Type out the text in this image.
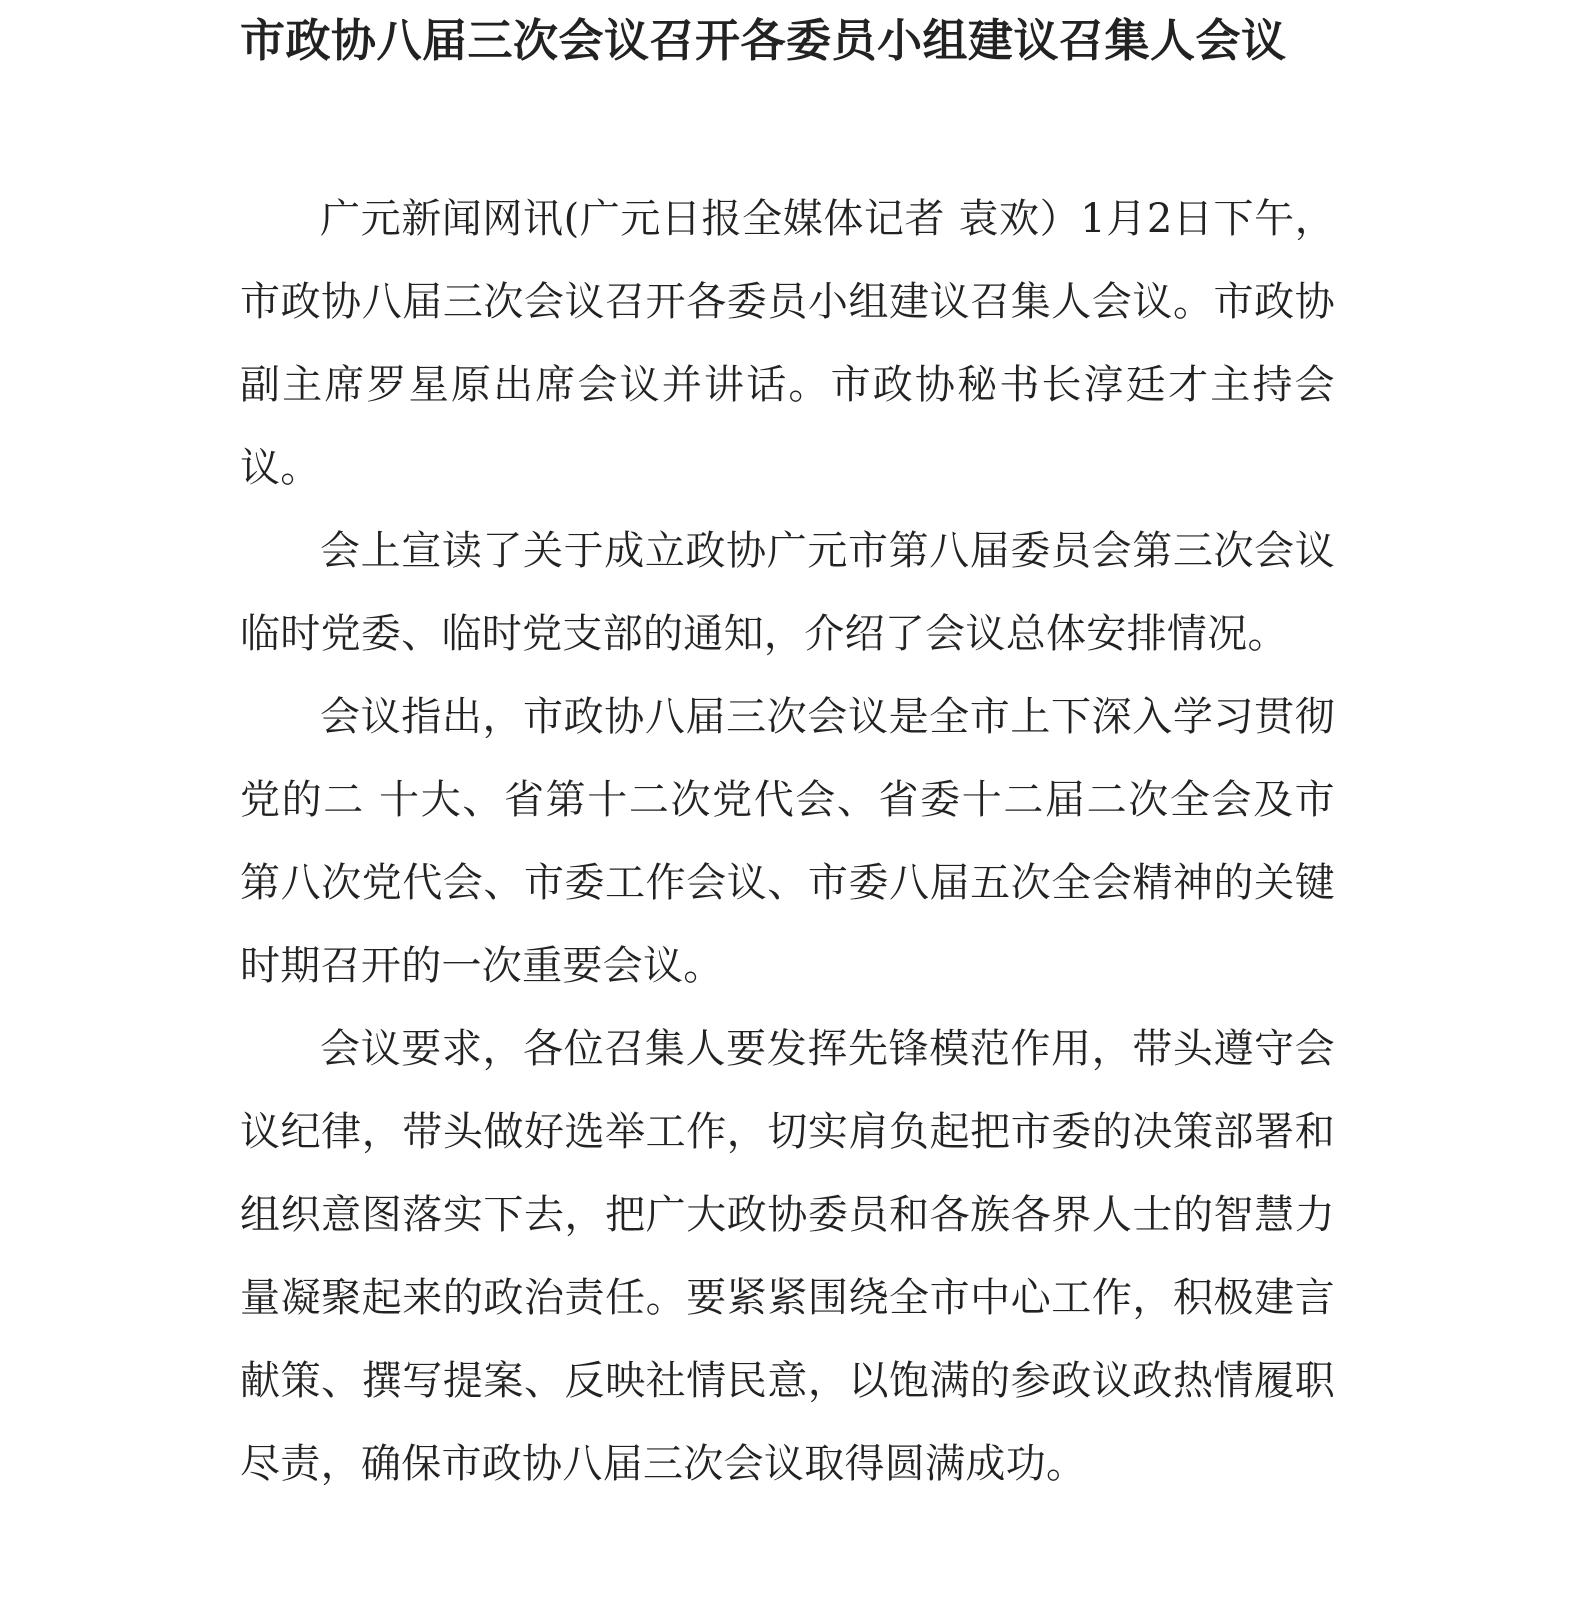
市政协八届三次会议召开各委员小组建议召集人会议

广元新闻网讯(广元日报全媒体记者 袁欢）1月2日下午，市政协八届三次会议召开各委员小组建议召集人会议。市政协副主席罗星原出席会议并讲话。市政协秘书长淳廷才主持会议。

会上宣读了关于成立政协广元市第八届委员会第三次会议临时党委、临时党支部的通知，介绍了会议总体安排情况。

会议指出，市政协八届三次会议是全市上下深入学习贯彻党的二 十大、省第十二次党代会、省委十二届二次全会及市第八次党代会、市委工作会议、市委八届五次全会精神的关键时期召开的一次重要会议。

会议要求，各位召集人要发挥先锋模范作用，带头遵守会议纪律，带头做好选举工作，切实肩负起把市委的决策部署和组织意图落实下去，把广大政协委员和各族各界人士的智慧力量凝聚起来的政治责任。要紧紧围绕全市中心工作，积极建言献策、撰写提案、反映社情民意，以饱满的参政议政热情履职尽责，确保市政协八届三次会议取得圆满成功。
